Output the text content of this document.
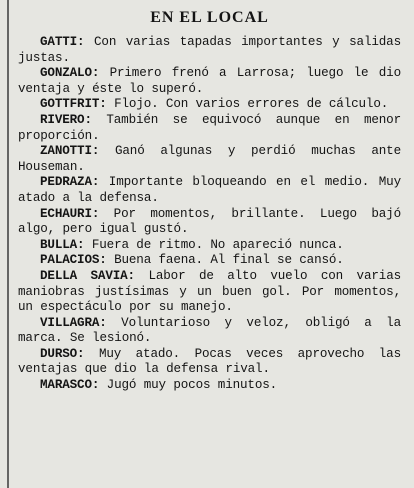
EN EL LOCAL

GATTI: Con varias tapadas importantes y salidas justas.

GONZALO: Primero frenó a Larrosa; luego le dio ventaja y éste lo superó.

GOTTFRIT: Flojo. Con varios errores de cálculo.

RIVERO: También se equivocó aunque en menor proporción.

ZANOTTI: Ganó algunas y perdió muchas ante Houseman.

PEDRAZA: Importante bloqueando en el medio. Muy atado a la defensa.

ECHAURI: Por momentos, brillante. Luego bajó algo, pero igual gustó.

BULLA: Fuera de ritmo. No apareció nunca.

PALACIOS: Buena faena. Al final se cansó.

DELLA SAVIA: Labor de alto vuelo con varias maniobras justísimas y un buen gol. Por momentos, un espectáculo por su manejo.

VILLAGRA: Voluntarioso y veloz, obligó a la marca. Se lesionó.

DURSO: Muy atado. Pocas veces aprovecho las ventajas que dio la defensa rival.

MARASCO: Jugó muy pocos minutos.
